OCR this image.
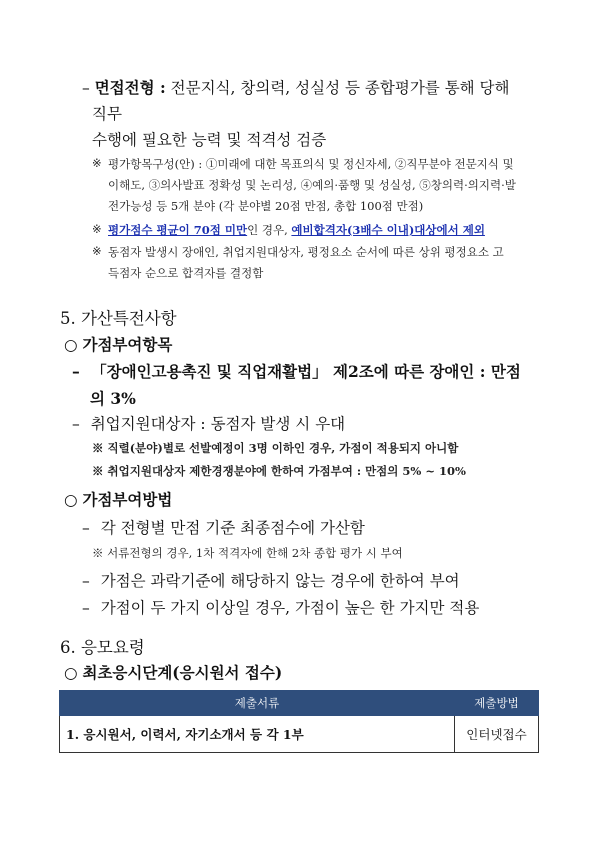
– 면접전형 : 전문지식, 창의력, 성실성 등 종합평가를 통해 당해
직무
수행에 필요한 능력 및 적격성 검증
※ 평가항목구성(안) : ①미래에 대한 목표의식 및 정신자세, ②직무분야 전문지식 및
이해도, ③의사발표 정확성 및 논리성, ④예의·품행 및 성실성, ⑤창의력·의지력·발
전가능성 등 5개 분야 (각 분야별 20점 만점, 총합 100점 만점)
※ 평가점수 평균이 70점 미만인 경우, 예비합격자(3배수 이내)대상에서 제외
※ 동점자 발생시 장애인, 취업지원대상자, 평정요소 순서에 따른 상위 평정요소 고
득점자 순으로 합격자를 결정함
5. 가산특전사항
○ 가점부여항목
– 「장애인고용촉진 및 직업재활법」 제2조에 따른 장애인 : 만점
의 3%
– 취업지원대상자 : 동점자 발생 시 우대
※ 직렬(분야)별로 선발예정이 3명 이하인 경우, 가점이 적용되지 아니함
※ 취업지원대상자 제한경쟁분야에 한하여 가점부여 : 만점의 5% ~ 10%
○ 가점부여방법
– 각 전형별 만점 기준 최종점수에 가산함
※ 서류전형의 경우, 1차 적격자에 한해 2차 종합 평가 시 부여
– 가점은 과락기준에 해당하지 않는 경우에 한하여 부여
– 가점이 두 가지 이상일 경우, 가점이 높은 한 가지만 적용
6. 응모요령
○ 최초응시단계(응시원서 접수)
제출서류	제출방법
1. 응시원서, 이력서, 자기소개서 등 각 1부	인터넷접수
